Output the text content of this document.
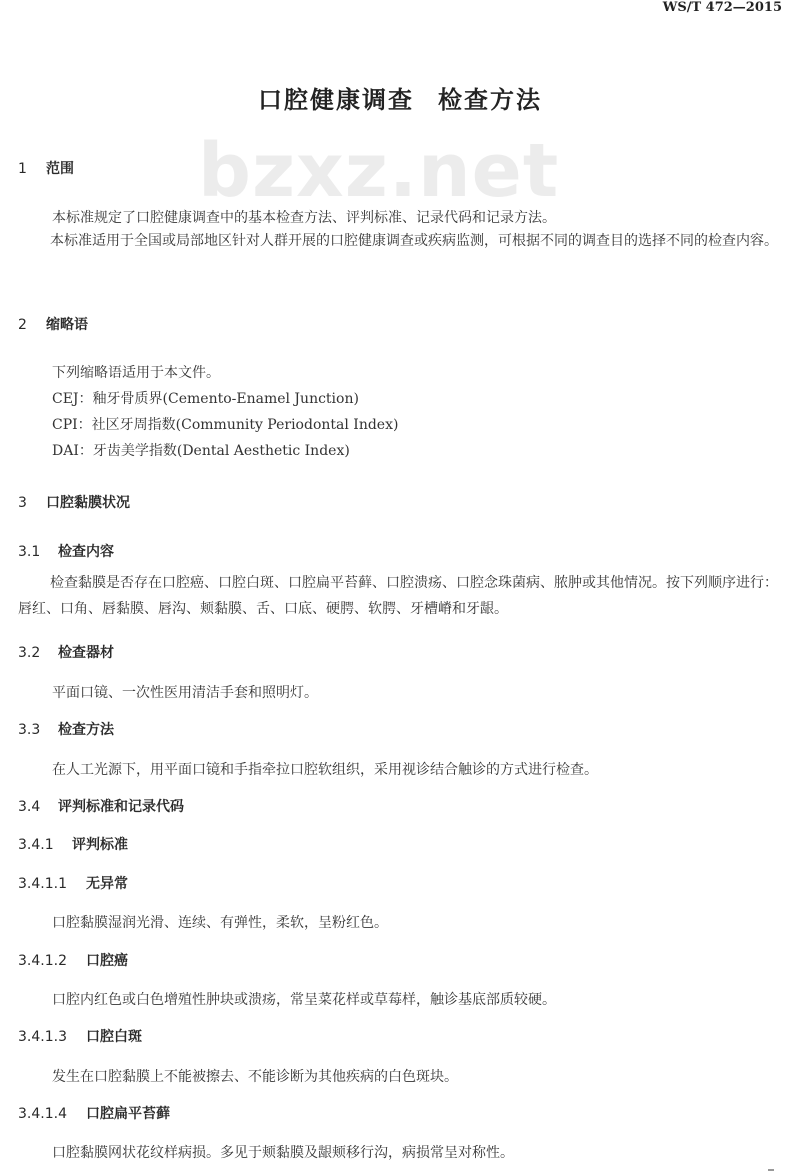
WS/T 472—2015
口腔健康调查 检查方法
bzxz.net
1 范围
本标准规定了口腔健康调查中的基本检查方法、评判标准、记录代码和记录方法。
本标准适用于全国或局部地区针对人群开展的口腔健康调查或疾病监测，可根据不同的调查目的选择不同的检查内容。
2 缩略语
下列缩略语适用于本文件。
CEJ：釉牙骨质界(Cemento-Enamel Junction)
CPI：社区牙周指数(Community Periodontal Index)
DAI：牙齿美学指数(Dental Aesthetic Index)
3 口腔黏膜状况
3.1 检查内容
检查黏膜是否存在口腔癌、口腔白斑、口腔扁平苔藓、口腔溃疡、口腔念珠菌病、脓肿或其他情况。按下列顺序进行：唇红、口角、唇黏膜、唇沟、颊黏膜、舌、口底、硬腭、软腭、牙槽嵴和牙龈。
3.2 检查器材
平面口镜、一次性医用清洁手套和照明灯。
3.3 检查方法
在人工光源下，用平面口镜和手指牵拉口腔软组织，采用视诊结合触诊的方式进行检查。
3.4 评判标准和记录代码
3.4.1 评判标准
3.4.1.1 无异常
口腔黏膜湿润光滑、连续、有弹性，柔软，呈粉红色。
3.4.1.2 口腔癌
口腔内红色或白色增殖性肿块或溃疡，常呈菜花样或草莓样，触诊基底部质较硬。
3.4.1.3 口腔白斑
发生在口腔黏膜上不能被擦去、不能诊断为其他疾病的白色斑块。
3.4.1.4 口腔扁平苔藓
口腔黏膜网状花纹样病损。多见于颊黏膜及龈颊移行沟，病损常呈对称性。
